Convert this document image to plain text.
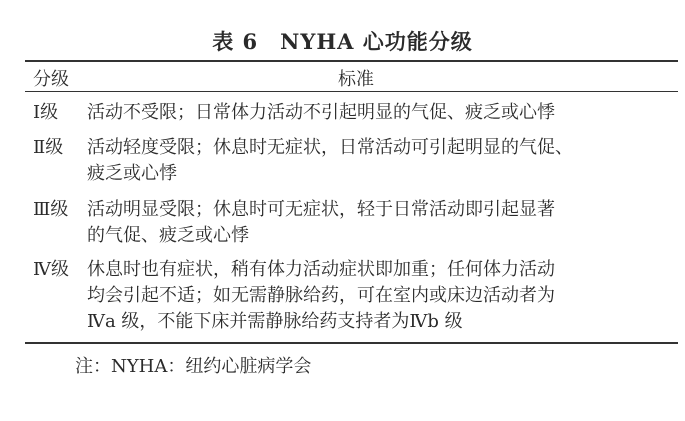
表 6　NYHA 心功能分级
分级	标准
Ⅰ级 活动不受限；日常体力活动不引起明显的气促、疲乏或心悸
Ⅱ级 活动轻度受限；休息时无症状，日常活动可引起明显的气促、
疲乏或心悸
Ⅲ级 活动明显受限；休息时可无症状，轻于日常活动即引起显著
的气促、疲乏或心悸
Ⅳ级 休息时也有症状，稍有体力活动症状即加重；任何体力活动
均会引起不适；如无需静脉给药，可在室内或床边活动者为
Ⅳa 级，不能下床并需静脉给药支持者为Ⅳb 级
注：NYHA：纽约心脏病学会
